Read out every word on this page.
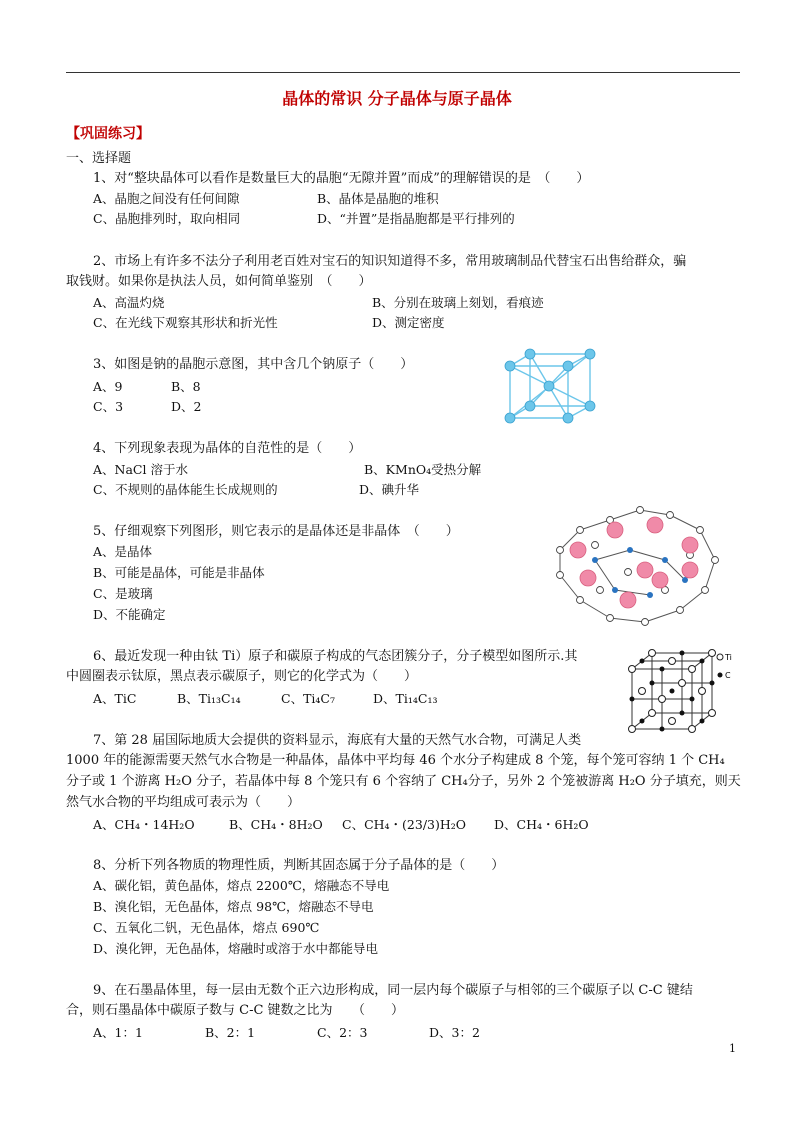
晶体的常识 分子晶体与原子晶体
【巩固练习】
一、选择题
1、对“整块晶体可以看作是数量巨大的晶胞“无隙并置”而成”的理解错误的是　（　　）
A、晶胞之间没有任何间隙	B、晶体是晶胞的堆积
C、晶胞排列时，取向相同	D、“并置”是指晶胞都是平行排列的
2、市场上有许多不法分子利用老百姓对宝石的知识知道得不多，常用玻璃制品代替宝石出售给群众，骗
取钱财。如果你是执法人员，如何简单鉴别　（　　）
A、高温灼烧	B、分别在玻璃上刻划，看痕迹
C、在光线下观察其形状和折光性	D、测定密度
3、如图是钠的晶胞示意图，其中含几个钠原子（　　）
A、9	B、8
C、3	D、2
4、下列现象表现为晶体的自范性的是（　　）
A、NaCl 溶于水	B、KMnO₄受热分解
C、不规则的晶体能生长成规则的	D、碘升华
5、仔细观察下列图形，则它表示的是晶体还是非晶体　（　　）
A、是晶体
B、可能是晶体，可能是非晶体
C、是玻璃
D、不能确定
6、最近发现一种由钛 Ti）原子和碳原子构成的气态团簇分子，分子模型如图所示.其
中圆圈表示钛原，黑点表示碳原子，则它的化学式为（　　）
A、TiC	B、Ti₁₃C₁₄	C、Ti₄C₇	D、Ti₁₄C₁₃
Ti
C
7、第 28 届国际地质大会提供的资料显示，海底有大量的天然气水合物，可满足人类
1000 年的能源需要天然气水合物是一种晶体，晶体中平均每 46 个水分子构建成 8 个笼，每个笼可容纳 1 个 CH₄
分子或 1 个游离 H₂O 分子，若晶体中每 8 个笼只有 6 个容纳了 CH₄分子，另外 2 个笼被游离 H₂O 分子填充，则天
然气水合物的平均组成可表示为（　　）
A、CH₄・14H₂O	B、CH₄・8H₂O C、CH₄・(23/3)H₂O D、CH₄・6H₂O
8、分析下列各物质的物理性质，判断其固态属于分子晶体的是（　　）
A、碳化铝，黄色晶体，熔点 2200℃，熔融态不导电
B、溴化铝，无色晶体，熔点 98℃，熔融态不导电
C、五氧化二钒，无色晶体，熔点 690℃
D、溴化钾，无色晶体，熔融时或溶于水中都能导电
9、在石墨晶体里，每一层由无数个正六边形构成，同一层内每个碳原子与相邻的三个碳原子以 C-C 键结
合，则石墨晶体中碳原子数与 C-C 键数之比为　　（　　）
A、1：1	B、2：1	C、2：3	D、3：2
1
